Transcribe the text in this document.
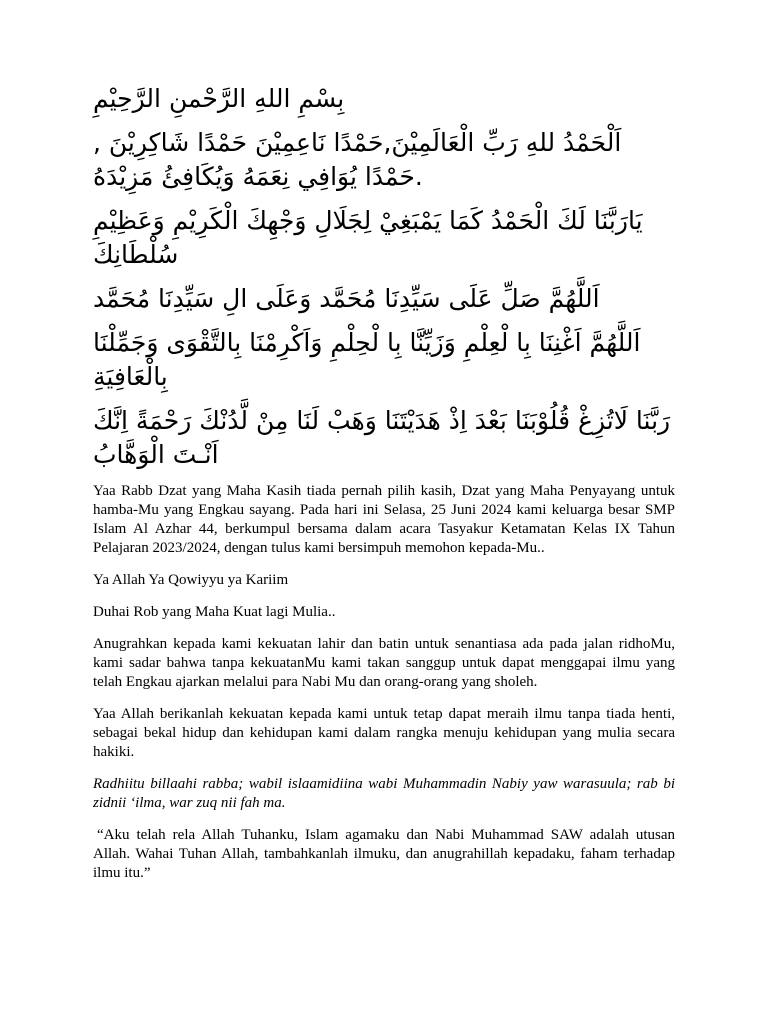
بِسْمِ اللهِ الرَّحْمنِ الرَّحِيْمِ

اَلْحَمْدُ للهِ رَبِّ الْعَالَمِيْنَ,حَمْدًا نَاعِمِيْنَ حَمْدًا شَاكِرِيْنَ , حَمْدًا يُوَافِي نِعَمَهُ وَيُكَافِئُ مَزِيْدَهُ.

يَارَبَّنَا لَكَ الْحَمْدُ كَمَا يَمْبَغِيْ لِجَلَالِ وَجْهِكَ الْكَرِيْمِ وَعَظِيْمِ سُلْطَانِكَ

اَللَّهُمَّ صَلِّ عَلَى سَيِّدِنَا مُحَمَّد وَعَلَى الِ سَيِّدِنَا مُحَمَّد

اَللَّهُمَّ اَغْنِنَا بِا لْعِلْمِ وَزَيِّنَّا بِا لْحِلْمِ وَاَكْرِمْنَا بِالتَّقْوَى وَجَمِّلْنَا بِالْعَافِيَةِ

رَبَّنَا لَاتُزِغْ قُلُوْبَنَا بَعْدَ اِذْ هَدَيْتَنَا وَهَبْ لَنَا مِنْ لَّدُنْكَ رَحْمَةً اِنَّكَ اَنْـتَ الْوَهَّابُ

Yaa Rabb Dzat yang Maha Kasih tiada pernah pilih kasih, Dzat yang Maha Penyayang untuk hamba-Mu yang Engkau sayang. Pada hari ini Selasa, 25 Juni 2024 kami keluarga besar SMP Islam Al Azhar 44, berkumpul bersama dalam acara Tasyakur Ketamatan Kelas IX Tahun Pelajaran 2023/2024, dengan tulus kami bersimpuh memohon kepada-Mu..

Ya Allah Ya Qowiyyu ya Kariim

Duhai Rob yang Maha Kuat lagi Mulia..

Anugrahkan kepada kami kekuatan lahir dan batin untuk senantiasa ada pada jalan ridhoMu, kami sadar bahwa tanpa kekuatanMu kami takan sanggup untuk dapat menggapai ilmu yang telah Engkau ajarkan melalui para Nabi Mu dan orang-orang yang sholeh.

Yaa Allah berikanlah kekuatan kepada kami untuk tetap dapat meraih ilmu tanpa tiada henti, sebagai bekal hidup dan kehidupan kami dalam rangka menuju kehidupan yang mulia secara hakiki.

Radhiitu billaahi rabba; wabil islaamidiina wabi Muhammadin Nabiy yaw warasuula; rab bi zidnii ‘ilma, war zuq nii fah ma.

“Aku telah rela Allah Tuhanku, Islam agamaku dan Nabi Muhammad SAW adalah utusan Allah. Wahai Tuhan Allah, tambahkanlah ilmuku, dan anugrahillah kepadaku, faham terhadap ilmu itu.”
